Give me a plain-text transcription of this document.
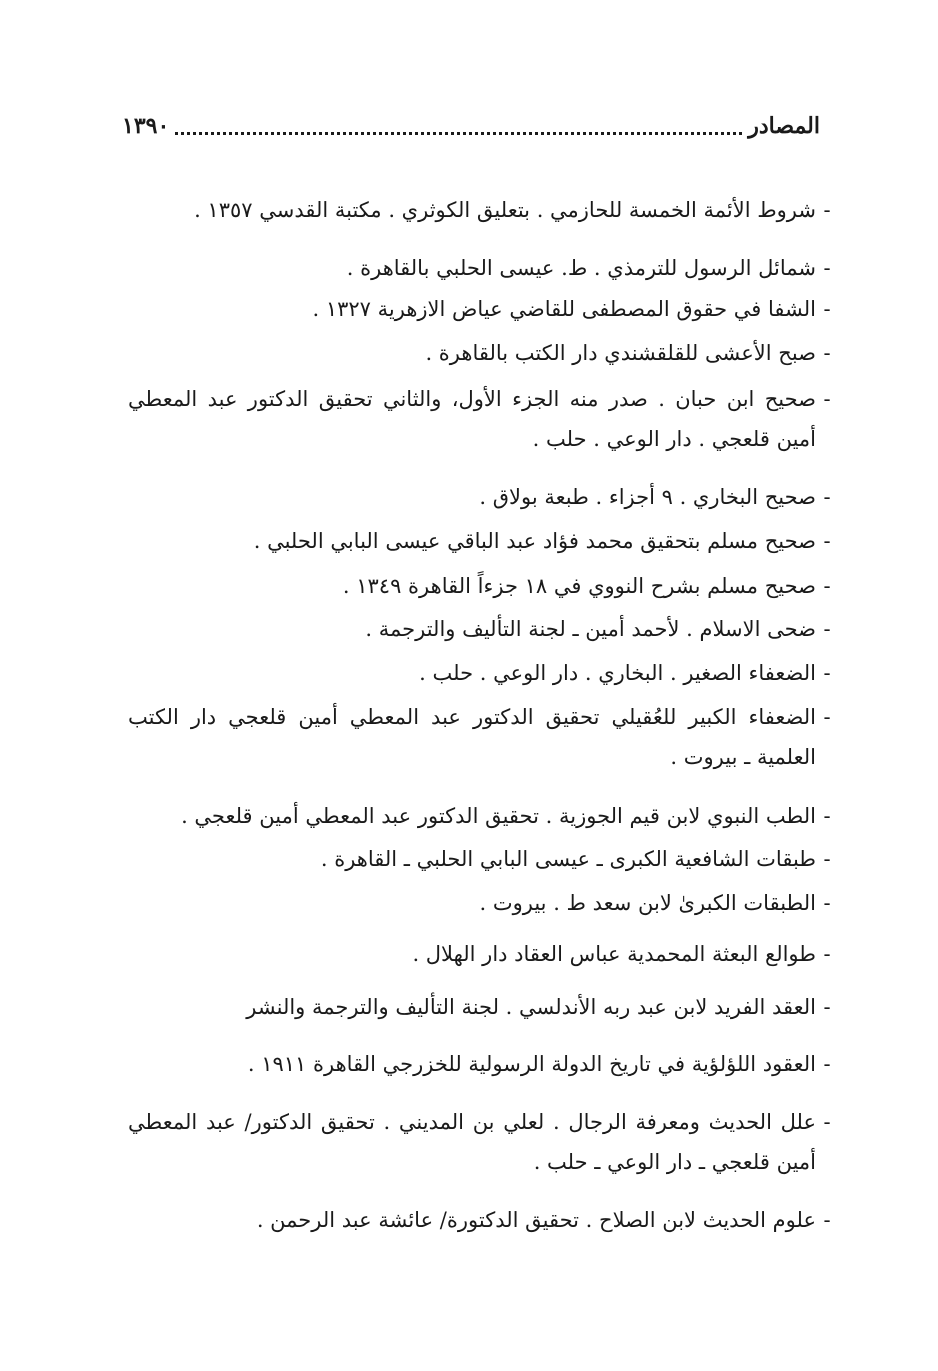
المصادر
١٣٩٠
-
شروط الأئمة الخمسة للحازمي . بتعليق الكوثري . مكتبة القدسي ١٣٥٧ .
-
شمائل الرسول للترمذي . ط. عيسى الحلبي بالقاهرة .
-
الشفا في حقوق المصطفى للقاضي عياض الازهرية ١٣٢٧ .
-
صبح الأعشى للقلقشندي دار الكتب بالقاهرة .
-
صحيح ابن حبان . صدر منه الجزء الأول، والثاني تحقيق الدكتور عبد المعطي أمين قلعجي . دار الوعي . حلب .
-
صحيح البخاري . ٩ أجزاء . طبعة بولاق .
-
صحيح مسلم بتحقيق محمد فؤاد عبد الباقي عيسى البابي الحلبي .
-
صحيح مسلم بشرح النووي في ١٨ جزءاً القاهرة ١٣٤٩ .
-
ضحى الاسلام . لأحمد أمين ـ لجنة التأليف والترجمة .
-
الضعفاء الصغير . البخاري . دار الوعي . حلب .
-
الضعفاء الكبير للعُقيلي تحقيق الدكتور عبد المعطي أمين قلعجي دار الكتب العلمية ـ بيروت .
-
الطب النبوي لابن قيم الجوزية . تحقيق الدكتور عبد المعطي أمين قلعجي .
-
طبقات الشافعية الكبرى ـ عيسى البابي الحلبي ـ القاهرة .
-
الطبقات الكبرىٰ لابن سعد ط . بيروت .
-
طوالع البعثة المحمدية عباس العقاد دار الهلال .
-
العقد الفريد لابن عبد ربه الأندلسي . لجنة التأليف والترجمة والنشر
-
العقود اللؤلؤية في تاريخ الدولة الرسولية للخزرجي القاهرة ١٩١١ .
-
علل الحديث ومعرفة الرجال . لعلي بن المديني . تحقيق الدكتور/ عبد المعطي أمين قلعجي ـ دار الوعي ـ حلب .
-
علوم الحديث لابن الصلاح . تحقيق الدكتورة/ عائشة عبد الرحمن .
